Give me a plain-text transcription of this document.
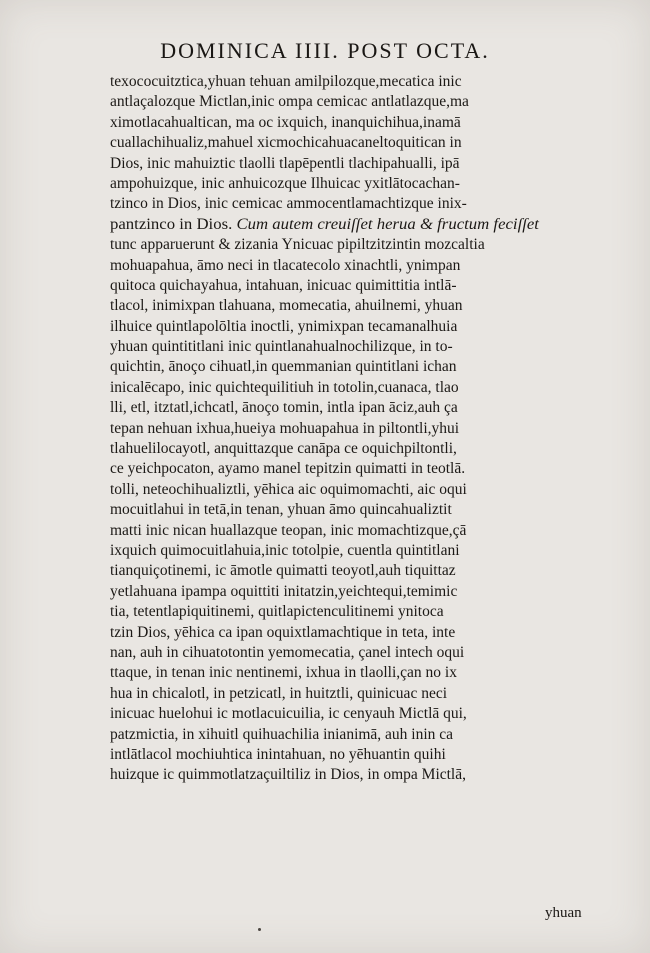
DOMINICA IIII. POST OCTA.
texococuitztica,yhuan tehuan amilpilozque,mecatica inic
antlaçalozque Mictlan,inic ompa cemicac antlatlazque,ma
ximotlacahualtican, ma oc ixquich, inanquichihua,inamā
cuallachihualiz,mahuel xicmochicahuacaneltoquitican in
Dios, inic mahuiztic tlaolli tlapēpentli tlachipahualli, ipā
ampohuizque, inic anhuicozque Ilhuicac yxitlātocachan-
tzinco in Dios, inic cemicac ammocentlamachtizque inix-
pantzinco in Dios. Cum autem creuiſſet herua & fructum feciſſet
tunc apparuerunt & zizania Ynicuac pipiltzitzintin mozcaltia
mohuapahua, āmo neci in tlacatecolo xinachtli, ynimpan
quitoca quichayahua, intahuan, inicuac quimittitia intlā-
tlacol, inimixpan tlahuana, momecatia, ahuilnemi, yhuan
ilhuice quintlapolōltia inoctli, ynimixpan tecamanalhuia
yhuan quintititlani inic quintlanahualnochilizque, in to-
quichtin, ānoço cihuatl,in quemmanian quintitlani ichan
inicalēcapo, inic quichtequilitiuh in totolin,cuanaca, tlao
lli, etl, itztatl,ichcatl, ānoço tomin, intla ipan āciz,auh ça
tepan nehuan ixhua,hueiya mohuapahua in piltontli,yhui
tlahuelilocayotl, anquittazque canāpa ce oquichpiltontli,
ce yeichpocaton, ayamo manel tepitzin quimatti in teotlā.
tolli, neteochihualiztli, yēhica aic oquimomachti, aic oqui
mocuitlahui in tetā,in tenan, yhuan āmo quincahualiztit
matti inic nican huallazque teopan, inic momachtizque,çā
ixquich quimocuitlahuia,inic totolpie, cuentla quintitlani
tianquiçotinemi, ic āmotle quimatti teoyotl,auh tiquittaz
yetlahuana ipampa oquittiti initatzin,yeichtequi,temimic
tia, tetentlapiquitinemi, quitlapictenculitinemi ynitoca
tzin Dios, yēhica ca ipan oquixtlamachtique in teta, inte
nan, auh in cihuatotontin yemomecatia, çanel intech oqui
ttaque, in tenan inic nentinemi, ixhua in tlaolli,çan no ix
hua in chicalotl, in petzicatl, in huitztli, quinicuac neci
inicuac huelohui ic motlacuicuilia, ic cenyauh Mictlā qui,
patzmictia, in xihuitl quihuachilia inianimā, auh inin ca
intlātlacol mochiuhtica inintahuan, no yēhuantin quihi
huizque ic quimmotlatzaçuiltiliz in Dios, in ompa Mictlā,
yhuan
